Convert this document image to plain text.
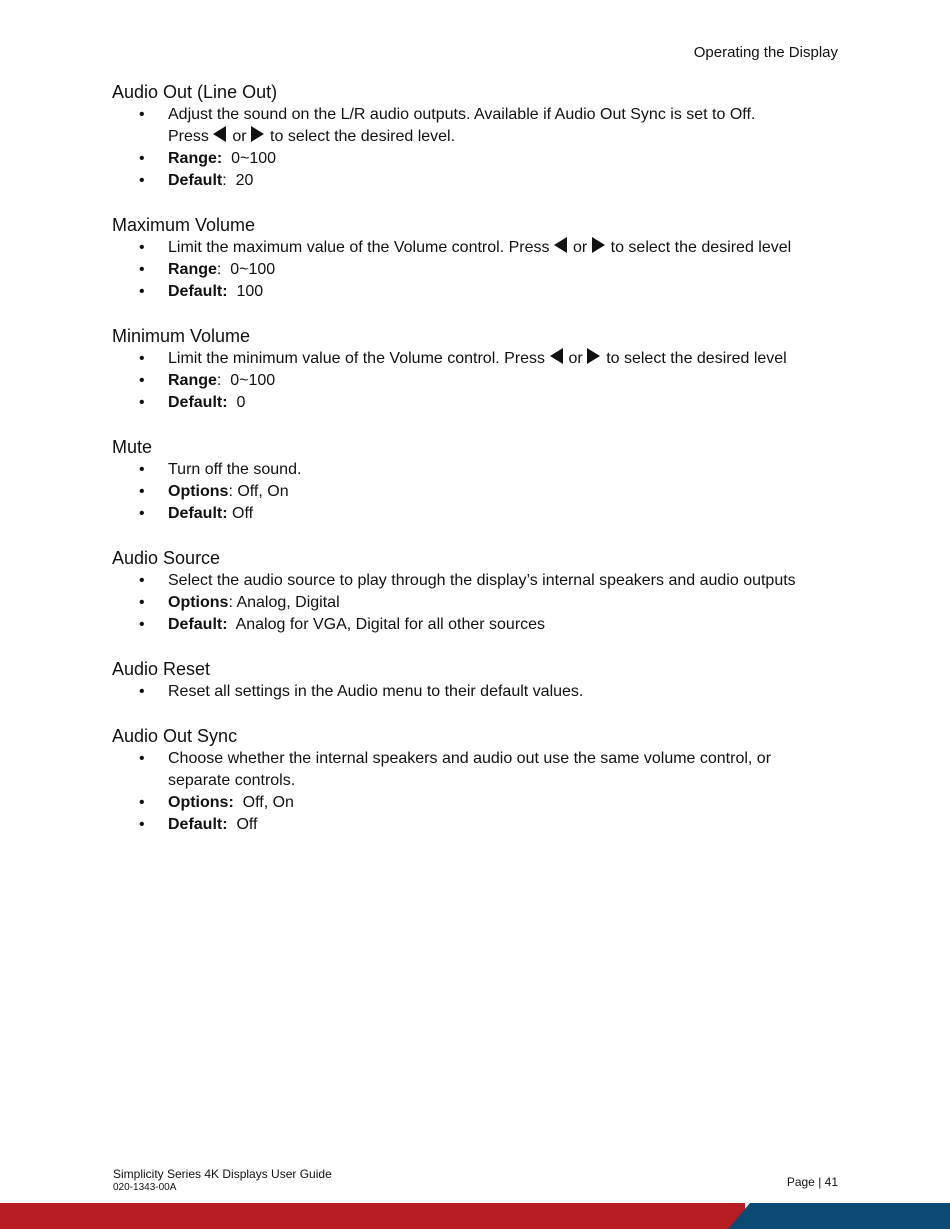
Operating the Display
Audio Out (Line Out)
• Adjust the sound on the L/R audio outputs. Available if Audio Out Sync is set to Off.
Press or to select the desired level.
• Range: 0~100
• Default: 20
Maximum Volume
• Limit the maximum value of the Volume control. Press or to select the desired level
• Range: 0~100
• Default: 100
Minimum Volume
• Limit the minimum value of the Volume control. Press or to select the desired level
• Range: 0~100
• Default: 0
Mute
• Turn off the sound.
• Options: Off, On
• Default: Off
Audio Source
• Select the audio source to play through the display’s internal speakers and audio outputs
• Options: Analog, Digital
• Default: Analog for VGA, Digital for all other sources
Audio Reset
• Reset all settings in the Audio menu to their default values.
Audio Out Sync
• Choose whether the internal speakers and audio out use the same volume control, or separate controls.
• Options: Off, On
• Default: Off
Simplicity Series 4K Displays User Guide
020-1343-00A	Page | 41
